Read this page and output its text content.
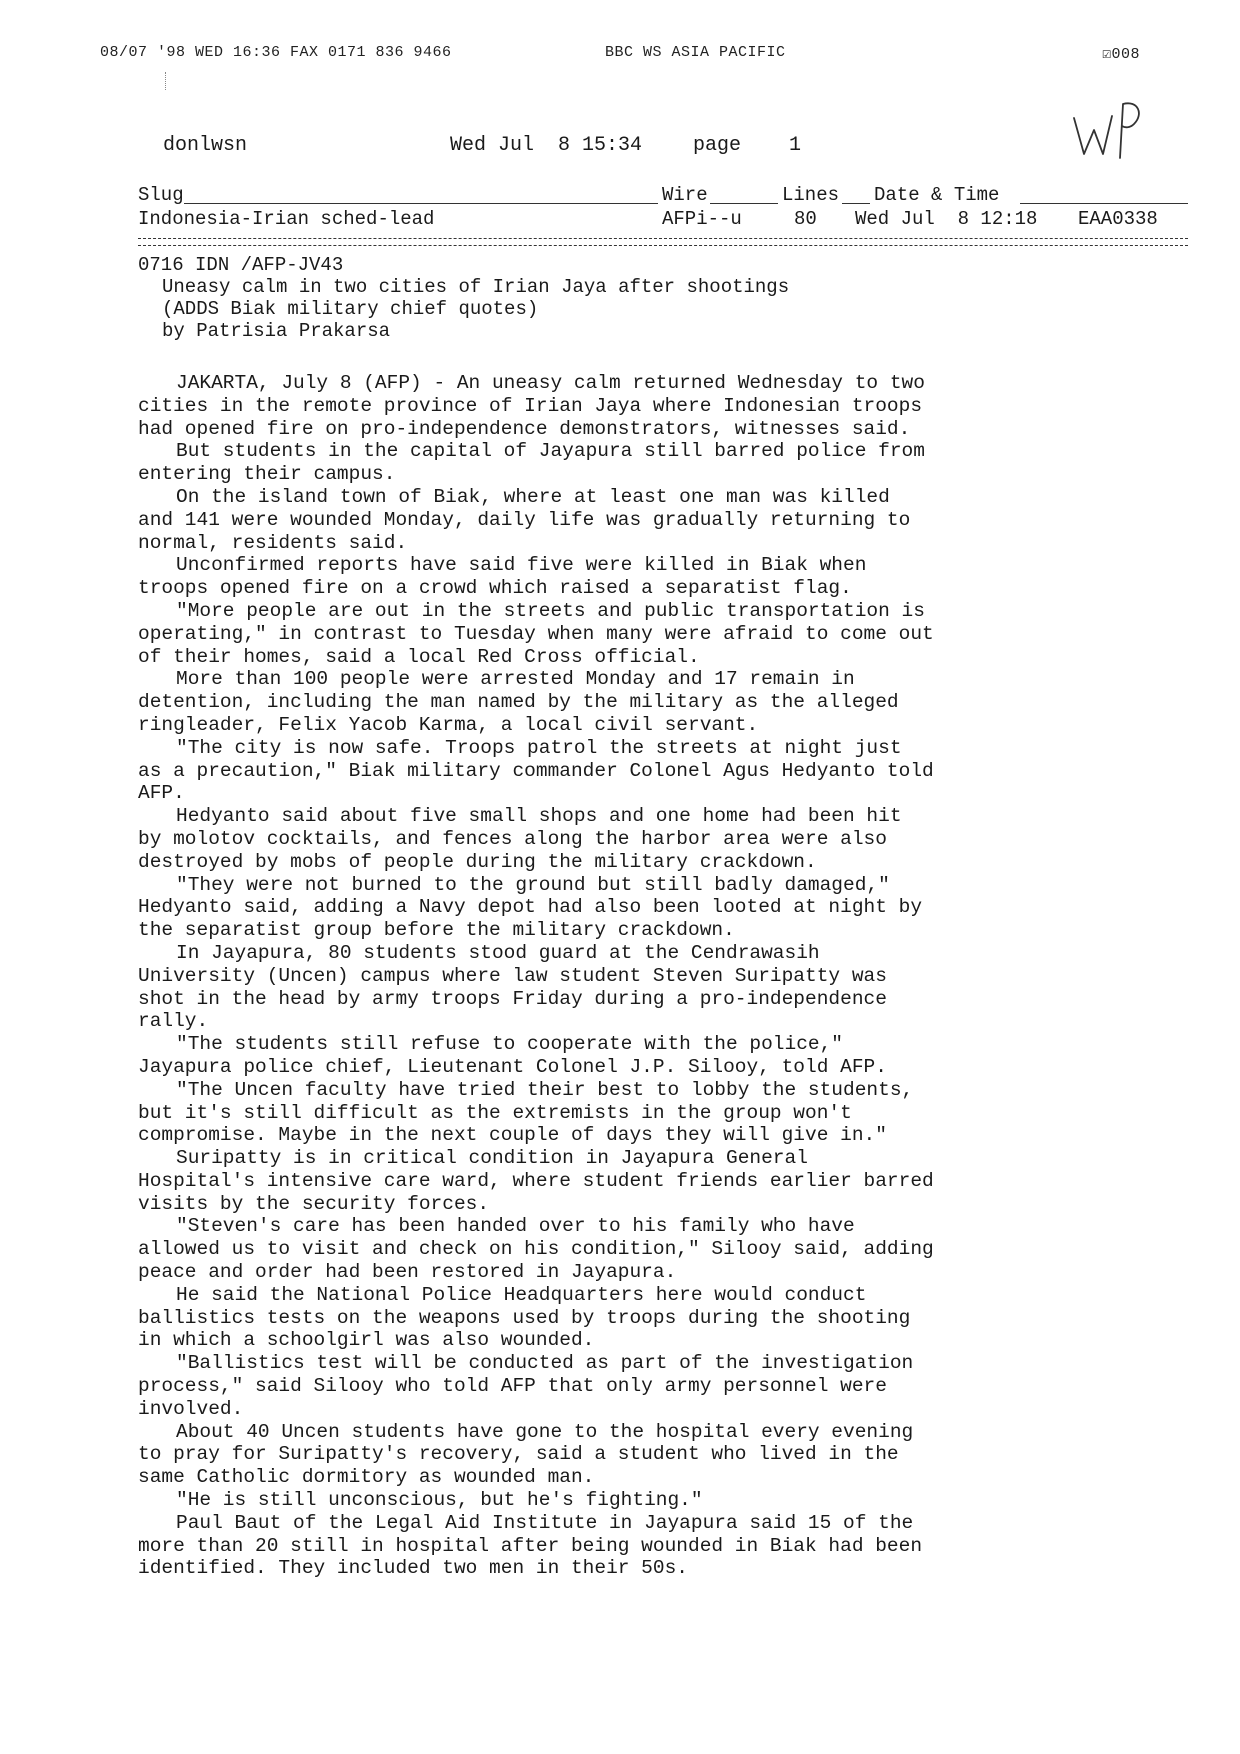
08/07 '98 WED 16:36 FAX 0171 836 9466	BBC WS ASIA PACIFIC	☑008
donlwsn	Wed Jul  8 15:34	page 1
Slug	Wire	Lines Date & Time
Indonesia-Irian sched-lead	AFPi--u	80 Wed Jul  8 12:18 EAA0338
0716 IDN /AFP-JV43
Uneasy calm in two cities of Irian Jaya after shootings
(ADDS Biak military chief quotes)
by Patrisia Prakarsa
JAKARTA, July 8 (AFP) - An uneasy calm returned Wednesday to two
cities in the remote province of Irian Jaya where Indonesian troops
had opened fire on pro-independence demonstrators, witnesses said.
But students in the capital of Jayapura still barred police from
entering their campus.
On the island town of Biak, where at least one man was killed
and 141 were wounded Monday, daily life was gradually returning to
normal, residents said.
Unconfirmed reports have said five were killed in Biak when
troops opened fire on a crowd which raised a separatist flag.
"More people are out in the streets and public transportation is
operating," in contrast to Tuesday when many were afraid to come out
of their homes, said a local Red Cross official.
More than 100 people were arrested Monday and 17 remain in
detention, including the man named by the military as the alleged
ringleader, Felix Yacob Karma, a local civil servant.
"The city is now safe. Troops patrol the streets at night just
as a precaution," Biak military commander Colonel Agus Hedyanto told
AFP.
Hedyanto said about five small shops and one home had been hit
by molotov cocktails, and fences along the harbor area were also
destroyed by mobs of people during the military crackdown.
"They were not burned to the ground but still badly damaged,"
Hedyanto said, adding a Navy depot had also been looted at night by
the separatist group before the military crackdown.
In Jayapura, 80 students stood guard at the Cendrawasih
University (Uncen) campus where law student Steven Suripatty was
shot in the head by army troops Friday during a pro-independence
rally.
"The students still refuse to cooperate with the police,"
Jayapura police chief, Lieutenant Colonel J.P. Silooy, told AFP.
"The Uncen faculty have tried their best to lobby the students,
but it's still difficult as the extremists in the group won't
compromise. Maybe in the next couple of days they will give in."
Suripatty is in critical condition in Jayapura General
Hospital's intensive care ward, where student friends earlier barred
visits by the security forces.
"Steven's care has been handed over to his family who have
allowed us to visit and check on his condition," Silooy said, adding
peace and order had been restored in Jayapura.
He said the National Police Headquarters here would conduct
ballistics tests on the weapons used by troops during the shooting
in which a schoolgirl was also wounded.
"Ballistics test will be conducted as part of the investigation
process," said Silooy who told AFP that only army personnel were
involved.
About 40 Uncen students have gone to the hospital every evening
to pray for Suripatty's recovery, said a student who lived in the
same Catholic dormitory as wounded man.
"He is still unconscious, but he's fighting."
Paul Baut of the Legal Aid Institute in Jayapura said 15 of the
more than 20 still in hospital after being wounded in Biak had been
identified. They included two men in their 50s.
